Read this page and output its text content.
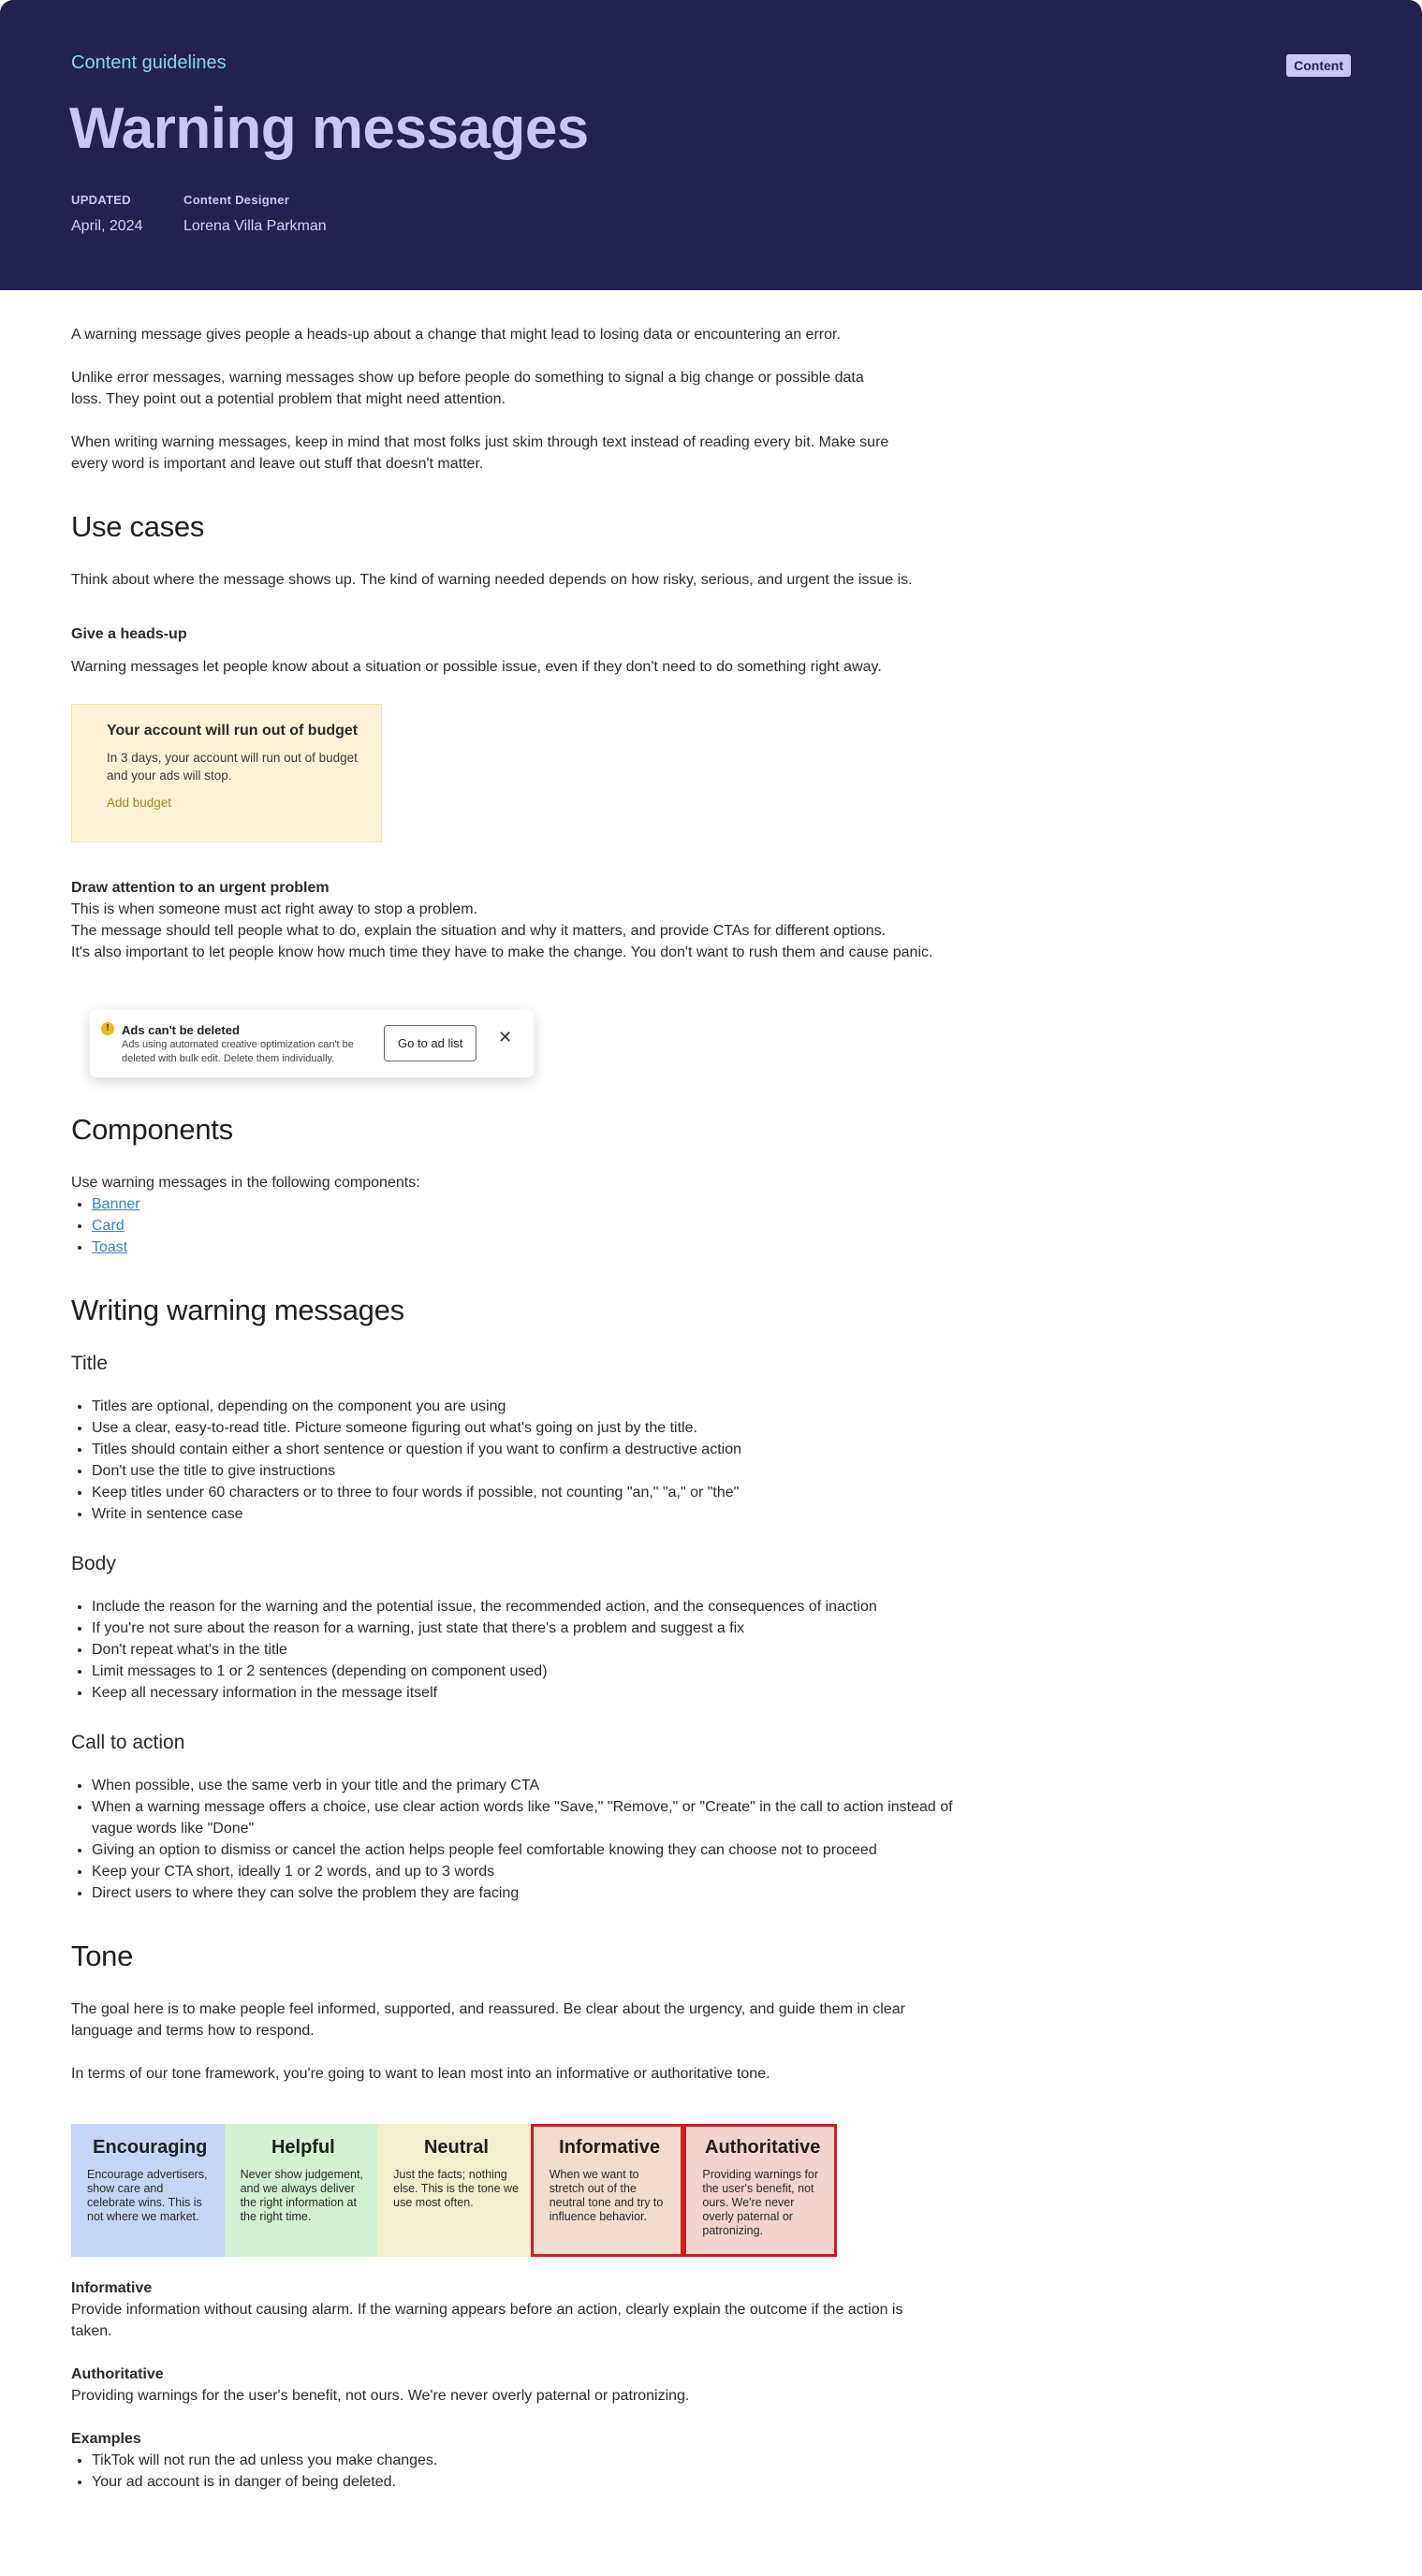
Content guidelines	Content
Warning messages
UPDATED
April, 2024
Content Designer
Lorena Villa Parkman

A warning message gives people a heads-up about a change that might lead to losing data or encountering an error.

Unlike error messages, warning messages show up before people do something to signal a big change or possible data loss. They point out a potential problem that might need attention.

When writing warning messages, keep in mind that most folks just skim through text instead of reading every bit. Make sure every word is important and leave out stuff that doesn't matter.

Use cases

Think about where the message shows up. The kind of warning needed depends on how risky, serious, and urgent the issue is.

Give a heads-up
Warning messages let people know about a situation or possible issue, even if they don't need to do something right away.
Your account will run out of budget
In 3 days, your account will run out of budget and your ads will stop.
Add budget
Draw attention to an urgent problem
This is when someone must act right away to stop a problem.
The message should tell people what to do, explain the situation and why it matters, and provide CTAs for different options.
It's also important to let people know how much time they have to make the change. You don't want to rush them and cause panic.
!	Ads can't be deleted
Ads using automated creative optimization can't be deleted with bulk edit. Delete them individually.
Go to ad list	✕
Components
Use warning messages in the following components:
• Banner
• Card
• Toast
Writing warning messages
Title
• Titles are optional, depending on the component you are using
• Use a clear, easy-to-read title. Picture someone figuring out what's going on just by the title.
• Titles should contain either a short sentence or question if you want to confirm a destructive action
• Don't use the title to give instructions
• Keep titles under 60 characters or to three to four words if possible, not counting "an," "a," or "the"
• Write in sentence case
Body
• Include the reason for the warning and the potential issue, the recommended action, and the consequences of inaction
• If you're not sure about the reason for a warning, just state that there's a problem and suggest a fix
• Don't repeat what's in the title
• Limit messages to 1 or 2 sentences (depending on component used)
• Keep all necessary information in the message itself
Call to action
• When possible, use the same verb in your title and the primary CTA
• When a warning message offers a choice, use clear action words like "Save," "Remove," or "Create" in the call to action instead of vague words like "Done"
• Giving an option to dismiss or cancel the action helps people feel comfortable knowing they can choose not to proceed
• Keep your CTA short, ideally 1 or 2 words, and up to 3 words
• Direct users to where they can solve the problem they are facing
Tone

The goal here is to make people feel informed, supported, and reassured. Be clear about the urgency, and guide them in clear language and terms how to respond.

In terms of our tone framework, you're going to want to lean most into an informative or authoritative tone.

Encouraging
Encourage advertisers, show care and celebrate wins. This is not where we market.
Helpful
Never show judgement, and we always deliver the right information at the right time.
Neutral
Just the facts; nothing else. This is the tone we use most often.
Informative
When we want to stretch out of the neutral tone and try to influence behavior.
Authoritative
Providing warnings for the user's benefit, not ours. We're never overly paternal or patronizing.
Informative

Provide information without causing alarm. If the warning appears before an action, clearly explain the outcome if the action is taken.

Authoritative

Providing warnings for the user's benefit, not ours. We're never overly paternal or patronizing.

Examples
• TikTok will not run the ad unless you make changes.
• Your ad account is in danger of being deleted.
